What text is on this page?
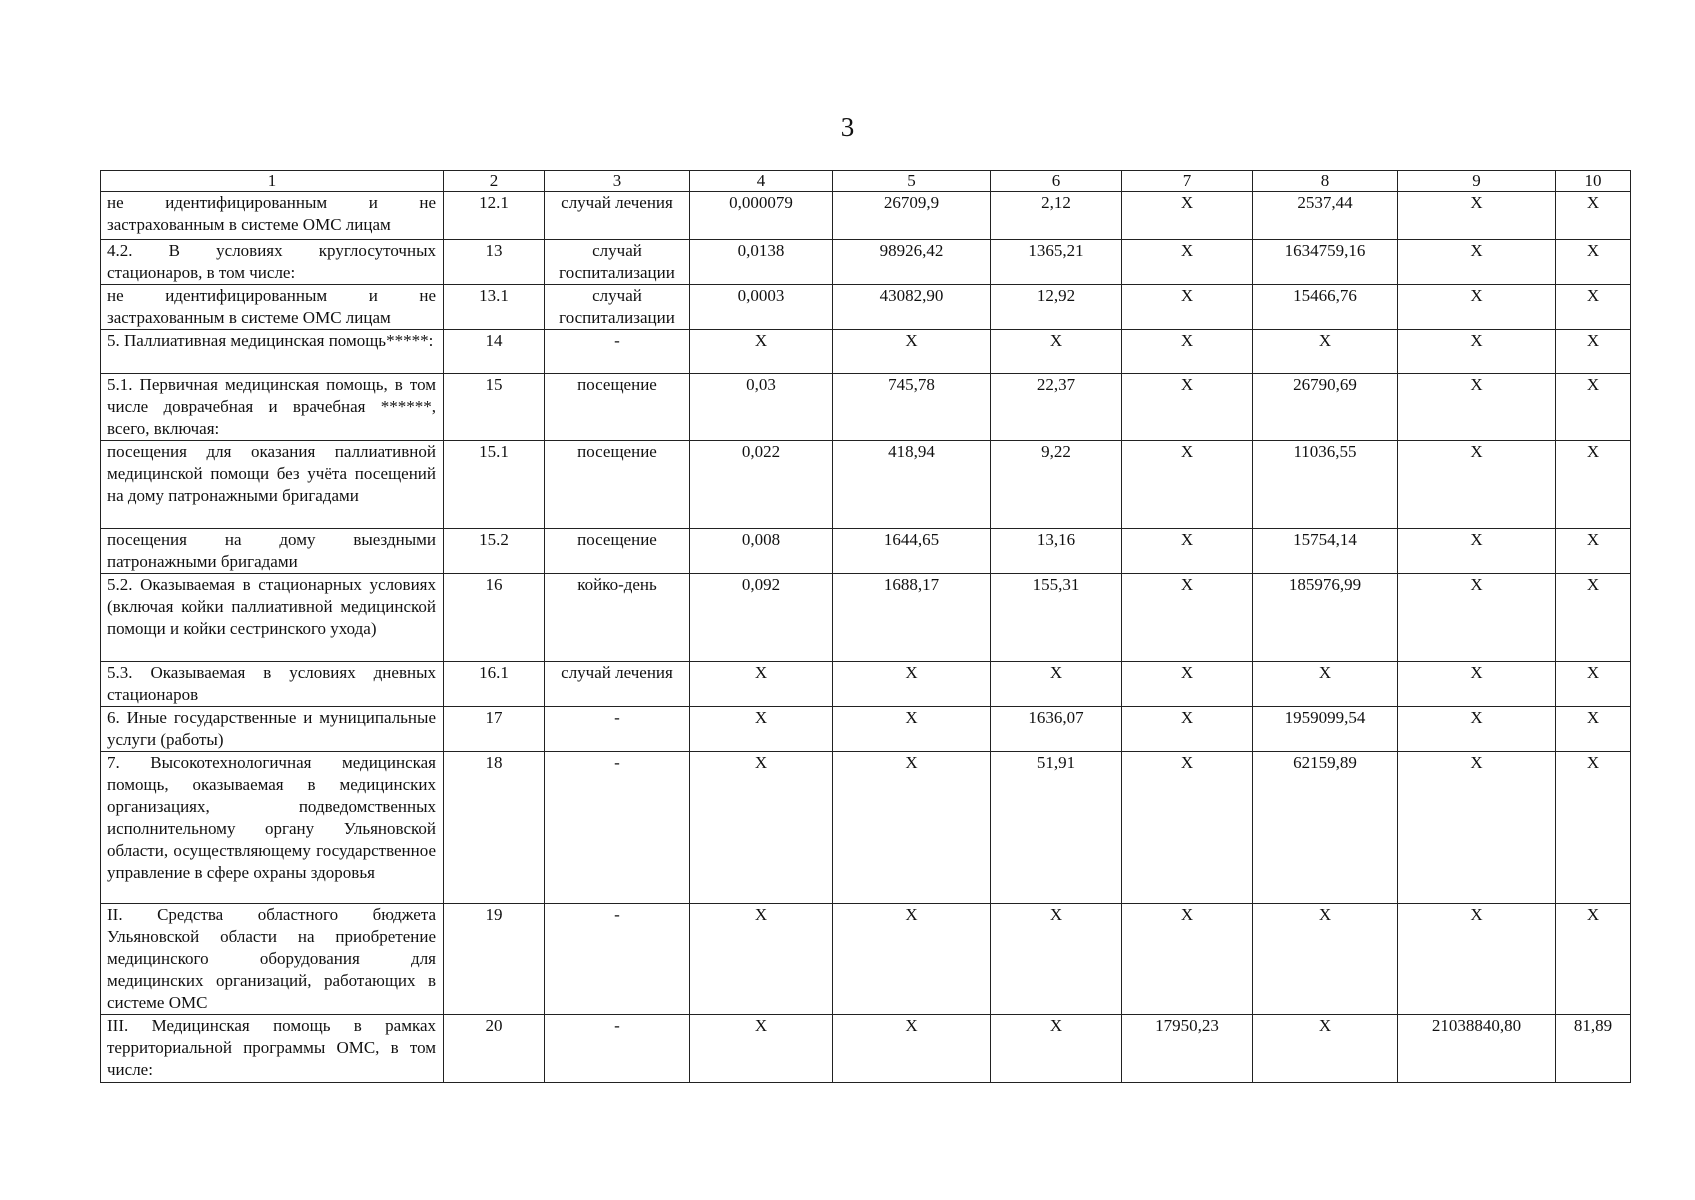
3
1	2	3	4	5	6	7	8	9	10
не идентифицированным и не застрахованным в системе ОМС лицам	12.1	случай лечения	0,000079	26709,9	2,12	X	2537,44	X	X
4.2. В условиях круглосуточных стационаров, в том числе:	13	случай госпитализации	0,0138	98926,42	1365,21	X	1634759,16	X	X
не идентифицированным и не застрахованным в системе ОМС лицам	13.1	случай госпитализации	0,0003	43082,90	12,92	X	15466,76	X	X
5. Паллиативная медицинская помощь*****:	14	-	X	X	X	X	X	X	X
5.1. Первичная медицинская помощь, в том числе доврачебная и врачебная ******, всего, включая:	15	посещение	0,03	745,78	22,37	X	26790,69	X	X
посещения для оказания паллиативной медицинской помощи без учёта посещений на дому патронажными бригадами	15.1	посещение	0,022	418,94	9,22	X	11036,55	X	X
посещения на дому выездными патронажными бригадами	15.2	посещение	0,008	1644,65	13,16	X	15754,14	X	X
5.2. Оказываемая в стационарных условиях (включая койки паллиативной медицинской помощи и койки сестринского ухода)	16	койко-день	0,092	1688,17	155,31	X	185976,99	X	X
5.3. Оказываемая в условиях дневных стационаров	16.1	случай лечения	X	X	X	X	X	X	X
6. Иные государственные и муниципальные услуги (работы)	17	-	X	X	1636,07	X	1959099,54	X	X
7. Высокотехнологичная медицинская помощь, оказываемая в медицинских организациях, подведомственных исполнительному органу Ульяновской области, осуществляющему государственное управление в сфере охраны здоровья	18	-	X	X	51,91	X	62159,89	X	X
II. Средства областного бюджета Ульяновской области на приобретение медицинского оборудования для медицинских организаций, работающих в системе ОМС	19	-	X	X	X	X	X	X	X
III. Медицинская помощь в рамках территориальной программы ОМС, в том числе:	20	-	X	X	X	17950,23	X	21038840,80	81,89
